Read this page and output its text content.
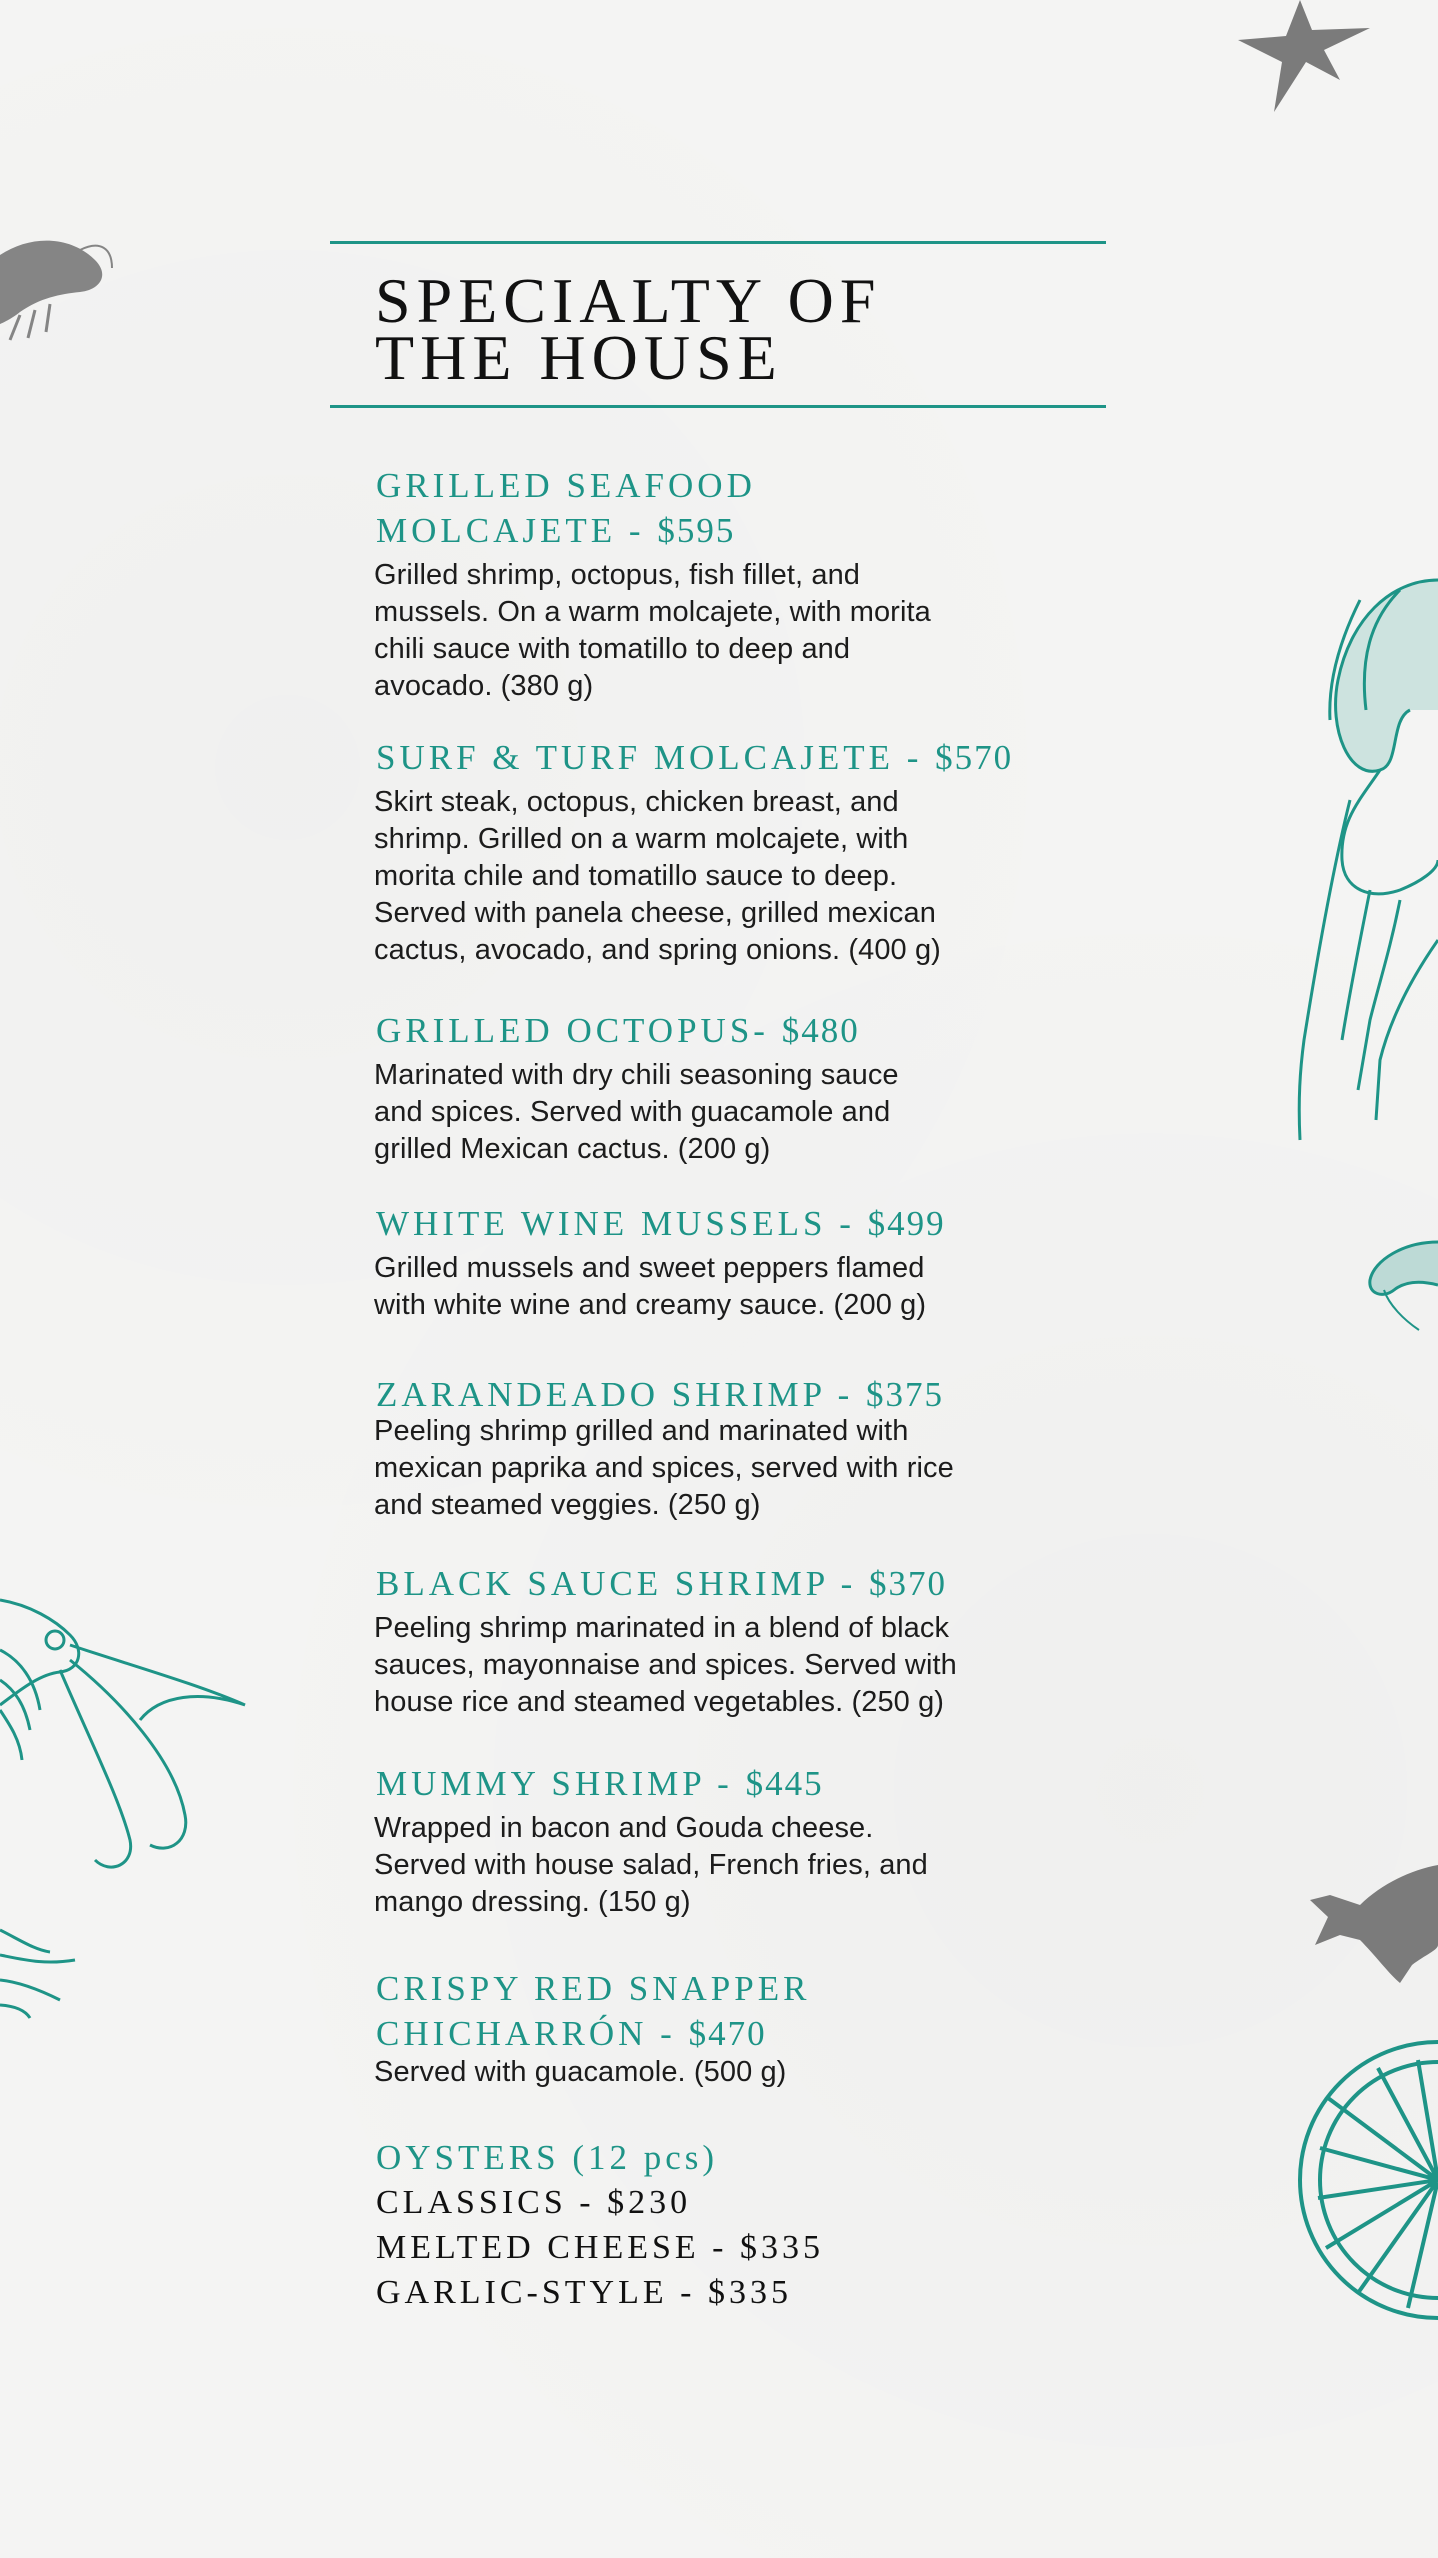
SPECIALTY OF
THE HOUSE

GRILLED SEAFOOD
MOLCAJETE - $595

Grilled shrimp, octopus, fish fillet, and
mussels. On a warm molcajete, with morita
chili sauce with tomatillo to deep and
avocado. (380 g)

SURF & TURF MOLCAJETE - $570

Skirt steak, octopus, chicken breast, and
shrimp. Grilled on a warm molcajete, with
morita chile and tomatillo sauce to deep.
Served with panela cheese, grilled mexican
cactus, avocado, and spring onions. (400 g)

GRILLED OCTOPUS- $480

Marinated with dry chili seasoning sauce
and spices. Served with guacamole and
grilled Mexican cactus. (200 g)

WHITE WINE MUSSELS - $499

Grilled mussels and sweet peppers flamed
with white wine and creamy sauce. (200 g)

ZARANDEADO SHRIMP - $375

Peeling shrimp grilled and marinated with
mexican paprika and spices, served with rice
and steamed veggies. (250 g)

BLACK SAUCE SHRIMP - $370

Peeling shrimp marinated in a blend of black
sauces, mayonnaise and spices. Served with
house rice and steamed vegetables. (250 g)

MUMMY SHRIMP - $445

Wrapped in bacon and Gouda cheese.
Served with house salad, French fries, and
mango dressing. (150 g)

CRISPY RED SNAPPER
CHICHARRÓN - $470

Served with guacamole. (500 g)

OYSTERS (12 pcs)

CLASSICS - $230

MELTED CHEESE - $335

GARLIC-STYLE - $335
